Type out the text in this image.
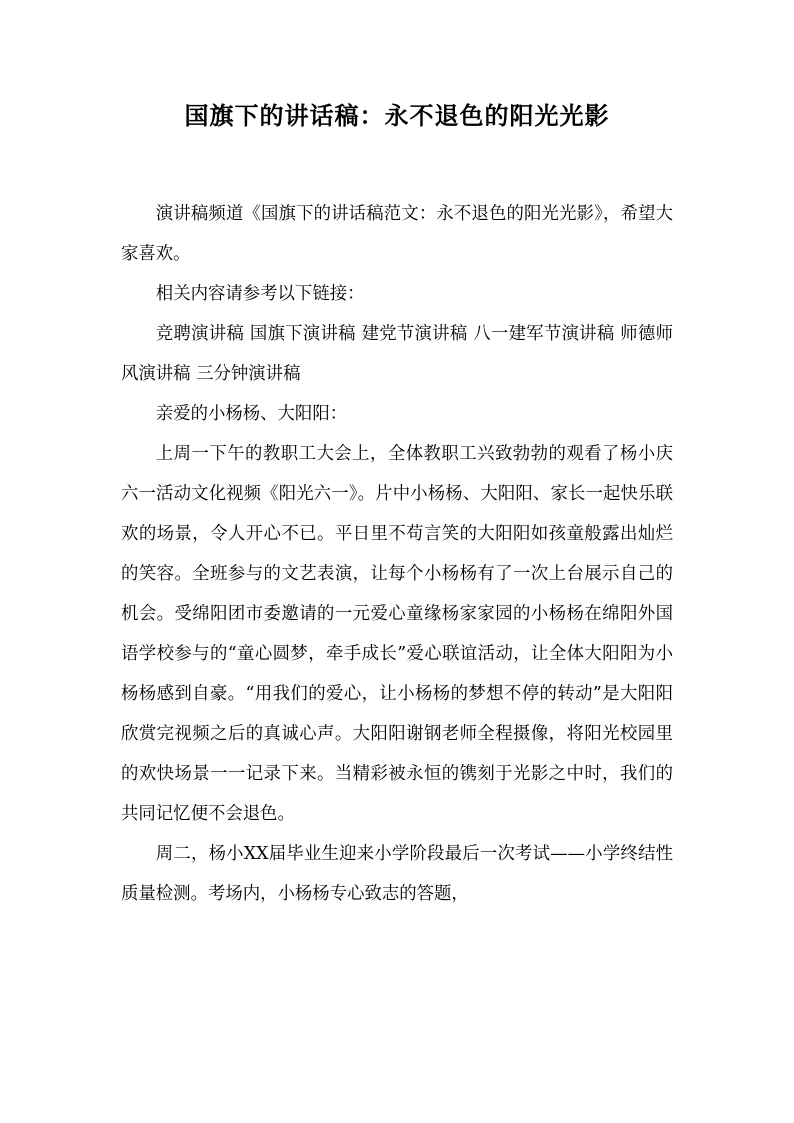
国旗下的讲话稿：永不退色的阳光光影

演讲稿频道《国旗下的讲话稿范文：永不退色的阳光光影》，希望大家喜欢。

相关内容请参考以下链接：

竞聘演讲稿 国旗下演讲稿 建党节演讲稿 八一建军节演讲稿 师德师风演讲稿 三分钟演讲稿

亲爱的小杨杨、大阳阳：

上周一下午的教职工大会上，全体教职工兴致勃勃的观看了杨小庆六一活动文化视频《阳光六一》。片中小杨杨、大阳阳、家长一起快乐联欢的场景，令人开心不已。平日里不苟言笑的大阳阳如孩童般露出灿烂的笑容。全班参与的文艺表演，让每个小杨杨有了一次上台展示自己的机会。受绵阳团市委邀请的一元爱心童缘杨家家园的小杨杨在绵阳外国语学校参与的“童心圆梦，牵手成长”爱心联谊活动，让全体大阳阳为小杨杨感到自豪。“用我们的爱心，让小杨杨的梦想不停的转动”是大阳阳欣赏完视频之后的真诚心声。大阳阳谢钢老师全程摄像，将阳光校园里的欢快场景一一记录下来。当精彩被永恒的镌刻于光影之中时，我们的共同记忆便不会退色。

周二，杨小XX届毕业生迎来小学阶段最后一次考试——小学终结性质量检测。考场内，小杨杨专心致志的答题，
